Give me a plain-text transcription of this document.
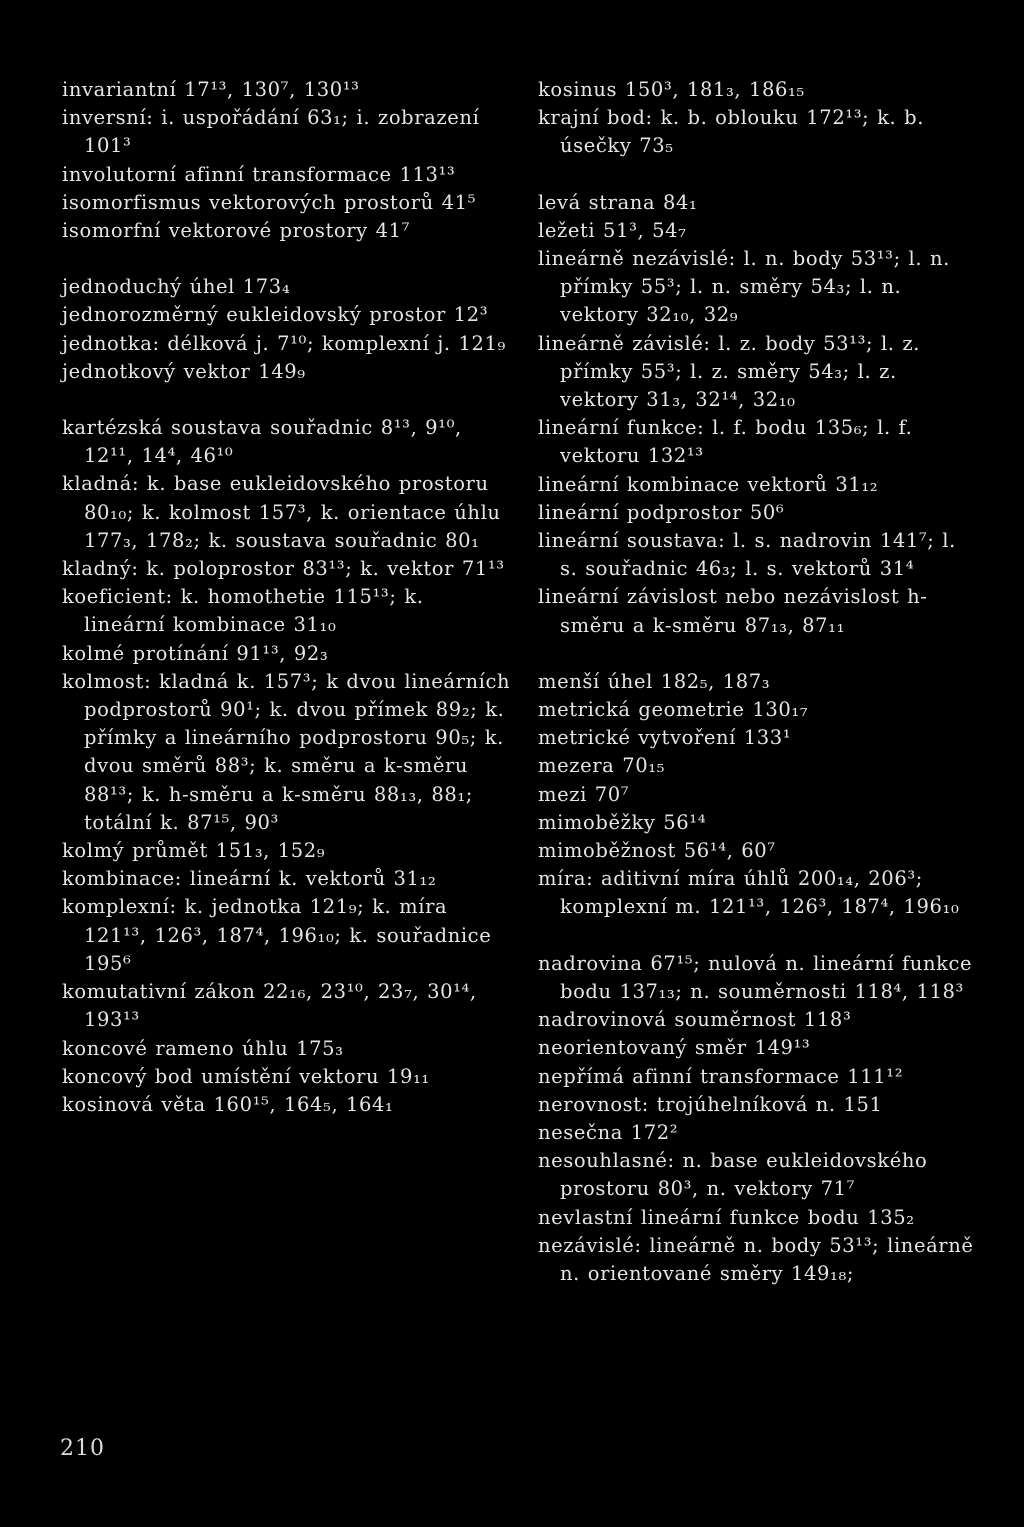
invariantní 17¹³, 130⁷, 130¹³
inversní: i. uspořádání 63₁; i. zobrazení 101³
involutorní afinní transformace 113¹³
isomorfismus vektorových prostorů 41⁵
isomorfní vektorové prostory 41⁷
jednoduchý úhel 173₄
jednorozměrný eukleidovský prostor 12³
jednotka: délková j. 7¹⁰; komplexní j. 121₉
jednotkový vektor 149₉
kartézská soustava souřadnic 8¹³, 9¹⁰, 12¹¹, 14⁴, 46¹⁰
kladná: k. base eukleidovského prostoru 80₁₀; k. kolmost 157³, k. orientace úhlu 177₃, 178₂; k. soustava souřadnic 80₁
kladný: k. poloprostor 83¹³; k. vektor 71¹³
koeficient: k. homothetie 115¹³; k. lineární kombinace 31₁₀
kolmé protínání 91¹³, 92₃
kolmost: kladná k. 157³; k dvou lineárních podprostorů 90¹; k. dvou přímek 89₂; k. přímky a lineárního podprostoru 90₅; k. dvou směrů 88³; k. směru a k-směru 88¹³; k. h-směru a k-směru 88₁₃, 88₁; totální k. 87¹⁵, 90³
kolmý průmět 151₃, 152₉
kombinace: lineární k. vektorů 31₁₂
komplexní: k. jednotka 121₉; k. míra 121¹³, 126³, 187⁴, 196₁₀; k. souřadnice 195⁶
komutativní zákon 22₁₆, 23¹⁰, 23₇, 30¹⁴, 193¹³
koncové rameno úhlu 175₃
koncový bod umístění vektoru 19₁₁
kosinová věta 160¹⁵, 164₅, 164₁
kosinus 150³, 181₃, 186₁₅
krajní bod: k. b. oblouku 172¹³; k. b. úsečky 73₅
levá strana 84₁
ležeti 51³, 54₇
lineárně nezávislé: l. n. body 53¹³; l. n. přímky 55³; l. n. směry 54₃; l. n. vektory 32₁₀, 32₉
lineárně závislé: l. z. body 53¹³; l. z. přímky 55³; l. z. směry 54₃; l. z. vektory 31₃, 32¹⁴, 32₁₀
lineární funkce: l. f. bodu 135₆; l. f. vektoru 132¹³
lineární kombinace vektorů 31₁₂
lineární podprostor 50⁶
lineární soustava: l. s. nadrovin 141⁷; l. s. souřadnic 46₃; l. s. vektorů 31⁴
lineární závislost nebo nezávislost h-směru a k-směru 87₁₃, 87₁₁
menší úhel 182₅, 187₃
metrická geometrie 130₁₇
metrické vytvoření 133¹
mezera 70₁₅
mezi 70⁷
mimoběžky 56¹⁴
mimoběžnost 56¹⁴, 60⁷
míra: aditivní míra úhlů 200₁₄, 206³; komplexní m. 121¹³, 126³, 187⁴, 196₁₀
nadrovina 67¹⁵; nulová n. lineární funkce bodu 137₁₃; n. souměrnosti 118⁴, 118³
nadrovinová souměrnost 118³
neorientovaný směr 149¹³
nepřímá afinní transformace 111¹²
nerovnost: trojúhelníková n. 151
nesečna 172²
nesouhlasné: n. base eukleidovského prostoru 80³, n. vektory 71⁷
nevlastní lineární funkce bodu 135₂
nezávislé: lineárně n. body 53¹³; lineárně n. orientované směry 149₁₈;
210
